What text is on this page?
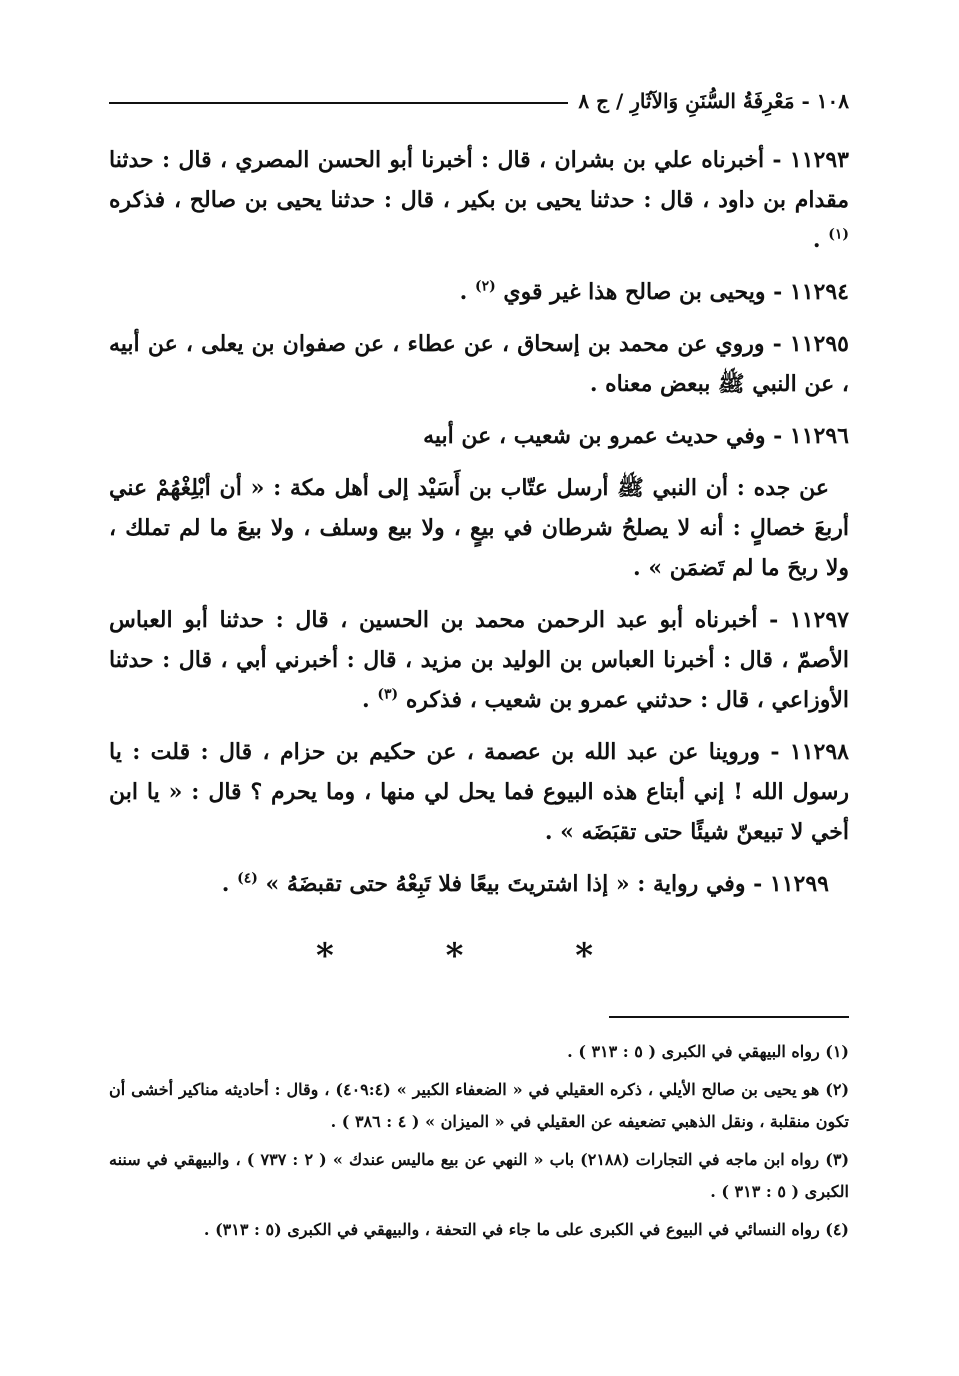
١٠٨ - مَعْرِفَةُ السُّنَنِ وَالآثَارِ / ج ٨

١١٢٩٣ - أخبرناه علي بن بشران ، قال : أخبرنا أبو الحسن المصري ، قال : حدثنا مقدام بن داود ، قال : حدثنا يحيى بن بكير ، قال : حدثنا يحيى بن صالح ، فذكره $^{(١)}$ .

١١٢٩٤ - ويحيى بن صالح هذا غير قوي $^{(٢)}$ .

١١٢٩٥ - وروي عن محمد بن إسحاق ، عن عطاء ، عن صفوان بن يعلى ، عن أبيه ، عن النبي ﷺ ببعض معناه .

١١٢٩٦ - وفي حديث عمرو بن شعيب ، عن أبيه

عن جده : أن النبي ﷺ أرسل عتّاب بن أَسَيْد إلى أهل مكة : « أن أبْلِغْهُمْ عني أربعَ خصالٍ : أنه لا يصلحُ شرطان في بيعٍ ، ولا بيع وسلف ، ولا بيعَ ما لم تملك ، ولا ربحَ ما لم تَضمَن » .

١١٢٩٧ - أخبرناه أبو عبد الرحمن محمد بن الحسين ، قال : حدثنا أبو العباس الأصمّ ، قال : أخبرنا العباس بن الوليد بن مزيد ، قال : أخبرني أبي ، قال : حدثنا الأوزاعي ، قال : حدثني عمرو بن شعيب ، فذكره $^{(٣)}$ .

١١٢٩٨ - وروينا عن عبد الله بن عصمة ، عن حكيم بن حزام ، قال : قلت : يا رسول الله ! إني أبتاع هذه البيوع فما يحل لي منها ، وما يحرم ؟ قال : « يا ابن أخي لا تبيعنّ شيئًا حتى تقبَضَه » .

١١٢٩٩ - وفي رواية : « إذا اشتريتَ بيعًا فلا تَبِعْهُ حتى تقبضَهُ » $^{(٤)}$ .

* * *

(١) رواه البيهقي في الكبرى ( ٥ : ٣١٣ ) .

(٢) هو يحيى بن صالح الأيلي ، ذكره العقيلي في « الضعفاء الكبير » (٤٠٩:٤) ، وقال : أحاديثه مناكير أخشى أن تكون منقلبة ، ونقل الذهبي تضعيفه عن العقيلي في « الميزان » ( ٤ : ٣٨٦ ) .

(٣) رواه ابن ماجه في التجارات (٢١٨٨) باب « النهي عن بيع ماليس عندك » ( ٢ : ٧٣٧ ) ، والبيهقي في سننه الكبرى ( ٥ : ٣١٣ ) .

(٤) رواه النسائي في البيوع في الكبرى على ما جاء في التحفة ، والبيهقي في الكبرى (٥ : ٣١٣) .
